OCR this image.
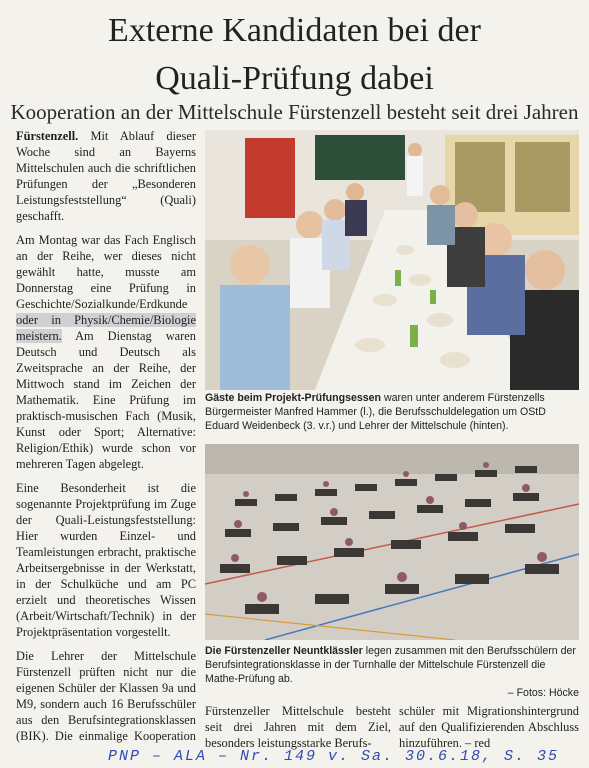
Externe Kandidaten bei der
Quali-Prüfung dabei
Kooperation an der Mittelschule Fürstenzell besteht seit drei Jahren

Fürstenzell. Mit Ablauf dieser Woche sind an Bayerns Mittelschulen auch die schriftlichen Prüfungen der „Besonderen Leistungsfeststellung“ (Quali) geschafft.

Am Montag war das Fach Englisch an der Reihe, wer dieses nicht gewählt hatte, musste am Donnerstag eine Prüfung in Geschichte/Sozialkunde/Erdkunde oder in Physik/Chemie/Biologie meistern. Am Dienstag waren Deutsch und Deutsch als Zweitsprache an der Reihe, der Mittwoch stand im Zeichen der Mathematik. Eine Prüfung im praktisch-musischen Fach (Musik, Kunst oder Sport; Alternative: Religion/Ethik) wurde schon vor mehreren Tagen abgelegt.

Eine Besonderheit ist die sogenannte Projektprüfung im Zuge der Quali-Leistungsfeststellung: Hier wurden Einzel- und Teamleistungen erbracht, praktische Arbeitsergebnisse in der Werkstatt, in der Schulküche und am PC erzielt und theoretisches Wissen (Arbeit/Wirtschaft/Technik) in der Projektpräsentation vorgestellt.

Die Lehrer der Mittelschule Fürstenzell prüften nicht nur die eigenen Schüler der Klassen 9a und M9, sondern auch 16 Berufsschüler aus den Berufsintegrationsklassen (BIK). Die einmalige Kooperation

Gäste beim Projekt-Prüfungsessen waren unter anderem Fürstenzells Bürgermeister Manfred Hammer (l.), die Berufsschuldelegation um OStD Eduard Weidenbeck (3. v.r.) und Lehrer der Mittelschule (hinten).
Die Fürstenzeller Neuntklässler legen zusammen mit den Berufsschülern der Berufsintegrationsklasse in der Turnhalle der Mittelschule Fürstenzell die Mathe-Prüfung ab.
– Fotos: Höcke
Fürstenzeller Mittelschule besteht seit drei Jahren mit dem Ziel, besonders leistungsstarke Berufs-
schüler mit Migrationshintergrund auf den Qualifizierenden Abschluss hinzuführen. – red
PNP – ALA – Nr. 149 v. Sa. 30.6.18, S. 35
